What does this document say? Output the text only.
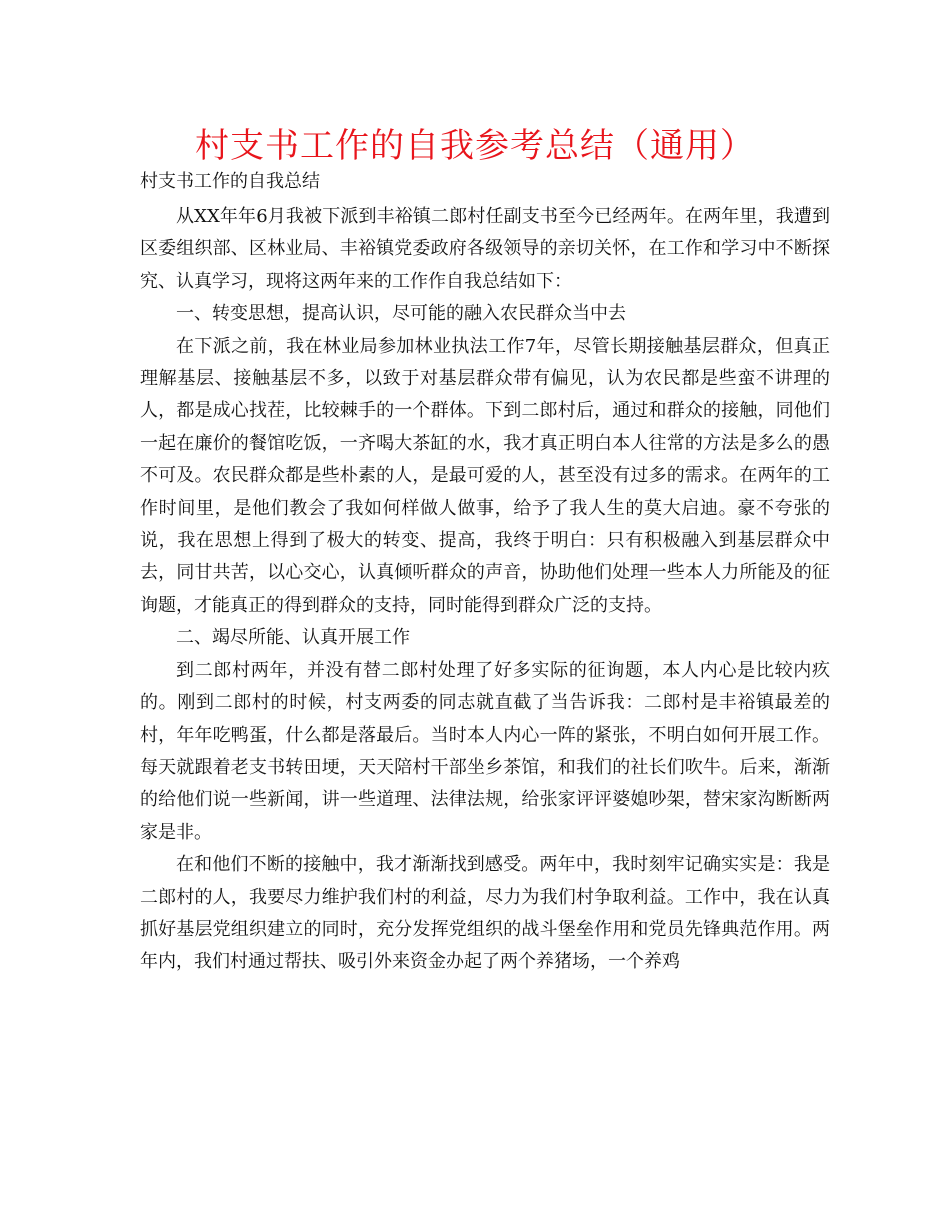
村支书工作的自我参考总结（通用）
村支书工作的自我总结

从XX年年6月我被下派到丰裕镇二郎村任副支书至今已经两年。在两年里，我遭到区委组织部、区林业局、丰裕镇党委政府各级领导的亲切关怀，在工作和学习中不断探究、认真学习，现将这两年来的工作作自我总结如下：

一、转变思想，提高认识，尽可能的融入农民群众当中去

在下派之前，我在林业局参加林业执法工作7年，尽管长期接触基层群众，但真正理解基层、接触基层不多，以致于对基层群众带有偏见，认为农民都是些蛮不讲理的人，都是成心找茬，比较棘手的一个群体。下到二郎村后，通过和群众的接触，同他们一起在廉价的餐馆吃饭，一齐喝大茶缸的水，我才真正明白本人往常的方法是多么的愚不可及。农民群众都是些朴素的人，是最可爱的人，甚至没有过多的需求。在两年的工作时间里，是他们教会了我如何样做人做事，给予了我人生的莫大启迪。豪不夸张的说，我在思想上得到了极大的转变、提高，我终于明白：只有积极融入到基层群众中去，同甘共苦，以心交心，认真倾听群众的声音，协助他们处理一些本人力所能及的征询题，才能真正的得到群众的支持，同时能得到群众广泛的支持。

二、竭尽所能、认真开展工作

到二郎村两年，并没有替二郎村处理了好多实际的征询题，本人内心是比较内疚的。刚到二郎村的时候，村支两委的同志就直截了当告诉我：二郎村是丰裕镇最差的村，年年吃鸭蛋，什么都是落最后。当时本人内心一阵的紧张，不明白如何开展工作。每天就跟着老支书转田埂，天天陪村干部坐乡茶馆，和我们的社长们吹牛。后来，渐渐的给他们说一些新闻，讲一些道理、法律法规，给张家评评婆媳吵架，替宋家沟断断两家是非。

在和他们不断的接触中，我才渐渐找到感受。两年中，我时刻牢记确实实是：我是二郎村的人，我要尽力维护我们村的利益，尽力为我们村争取利益。工作中，我在认真抓好基层党组织建立的同时，充分发挥党组织的战斗堡垒作用和党员先锋典范作用。两年内，我们村通过帮扶、吸引外来资金办起了两个养猪场，一个养鸡
